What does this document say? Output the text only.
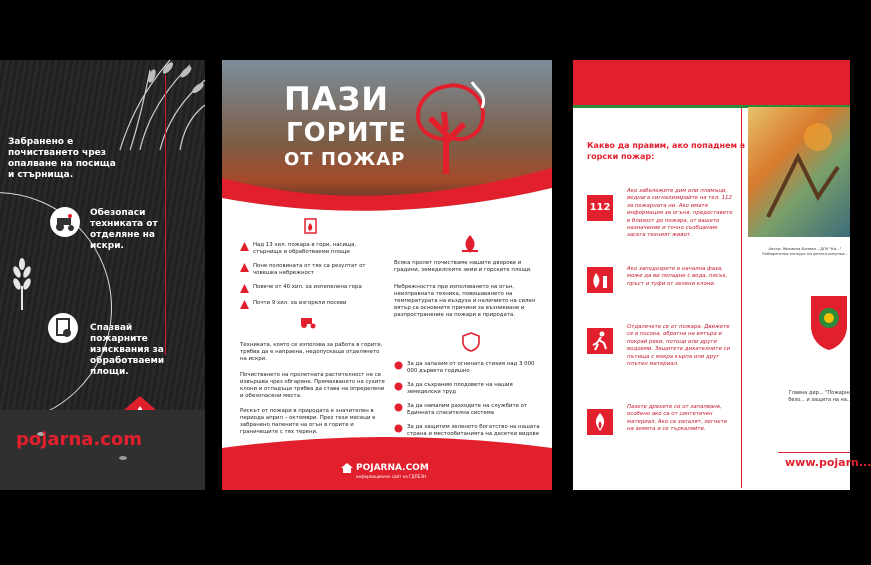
Забранено е почистването чрез опалване на посища и стърнища.
Обезопаси техниката от отделяне на искри.
Спазвай пожарните изисквания за обработваеми площи.
pojarna.com
ПАЗИ
ГОРИТЕ
ОТ ПОЖАР
Над 13 хил. пожара в гори, насища, стърнища и обработваеми площи
Поне половината от тях са резултат от човешка небрежност
Повече от 40 хил. ха изпепелена гора
Почти 9 хил. ха изгорели посеви
Техниката, която се използва за работа в горите, трябва да е напраена, недопускаща отделянето на искри.
Почистването на пролетната растителност не се извършва чрез обгаряне. Премахването на сухите клони и отпадъци трябва да става на определени и обезопасени места.
Рискът от пожари в природата е значителен в периода април – октомври. През тези месеци е забранено палените на огън в горите и граничещите с тях терени.
Всяка пролет почистваме нашите дворове и градини, земеделските земи и горските площи.
Небрежността при използването на огън, неизправната техника, повишаването на температурата на въздуха и наличието на силен вятър са основните причини за възникване и разпространение на пожари в природата.
За да запазим от огнената стихия над 3 000 000 дървета годишно
За да съхраним плодовете на нашия земеделски труд
За да намалим разходите на службите от Единната спасителна система
За да защитим зеленото богатство на нашата страна и местообитанията на десетки видове
POJARNA.COM
информационен сайт на ГДПБЗН
Какво да правим, ако попаднем в горски пожар:
112
Ако забележите дим или пламъци, веднага сигнализирайте на тел. 112 за пожарната ни. Ако имате информация за огъня, предоставете в близост до пожара, от вашето назначение и точно съобщение засега техният живот.
Ако заподозрите в начална фаза, може да ви попадне с вода, пясък, пръст и туфи от зелени клони.
Отдалечете се от пожара. Движете се в посока, обратна на вятъра и покрай реки, потоци или други водоеми. Защитете дихателните си пътища с мокра кърпа или друг плътен материал.
Пазете дрехите си от запалване, особено ако са от синтетичен материал. Ако се запалят, легнете на земята и се търкаляйте.
Автор: Михаела Бонева – ДГИ "Ка..." Победителка конкурс на детска рисунка...
Главна дир... "Пожарна безо... и защита на на...
www.pojarn...
